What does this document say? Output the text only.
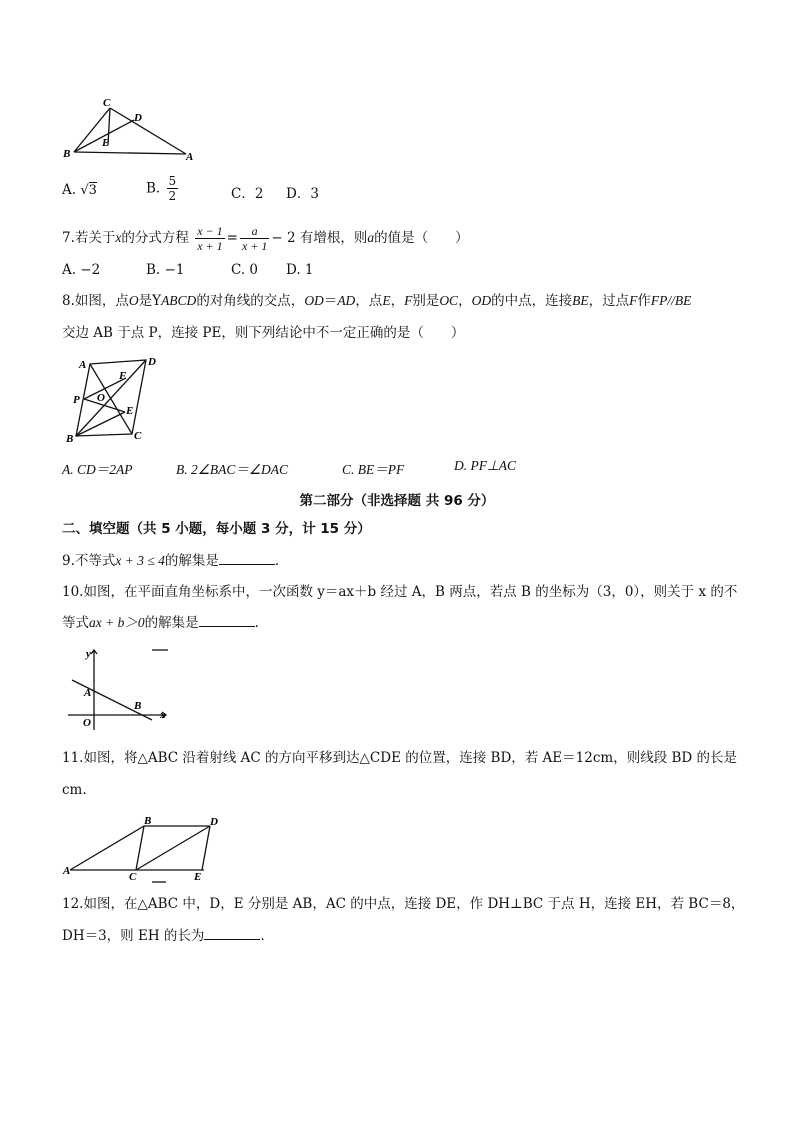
C
D
E
B	A
A. √3	B. $\frac{5}{2}$	C．2 D．3
7.若关于x的分式方程 $\frac{x - 1}{x + 1} = \frac{a}{x + 1} - 2$ 有增根，则a的值是（　　）
A. −2	B. −1	C. 0 D. 1
8.如图，点O是YABCD的对角线的交点，OD＝AD，点E，F别是OC，OD的中点，连接BE，过点F作FP//BE
交边 AB 于点 P，连接 PE，则下列结论中不一定正确的是（　　）
A	D
F
P O
E
B	C
A. CD＝2AP	B. 2∠BAC＝∠DAC	C. BE＝PF	D. PF⊥AC
第二部分（非选择题 共 96 分）
二、填空题（共 5 小题，每小题 3 分，计 15 分）
9.不等式x + 3 ≤ 4的解集是	.
10.如图，在平面直角坐标系中，一次函数 y＝ax＋b 经过 A，B 两点，若点 B 的坐标为（3，0），则关于 x 的不
等式ax + b＞0的解集是	.
y
A
O
B
x
11.如图，将△ABC 沿着射线 AC 的方向平移到达△CDE 的位置，连接 BD，若 AE＝12cm，则线段 BD 的长是
cm.
B	D
A	C	E
12.如图，在△ABC 中，D，E 分别是 AB，AC 的中点，连接 DE，作 DH⊥BC 于点 H，连接 EH，若 BC＝8，
DH＝3，则 EH 的长为	.
